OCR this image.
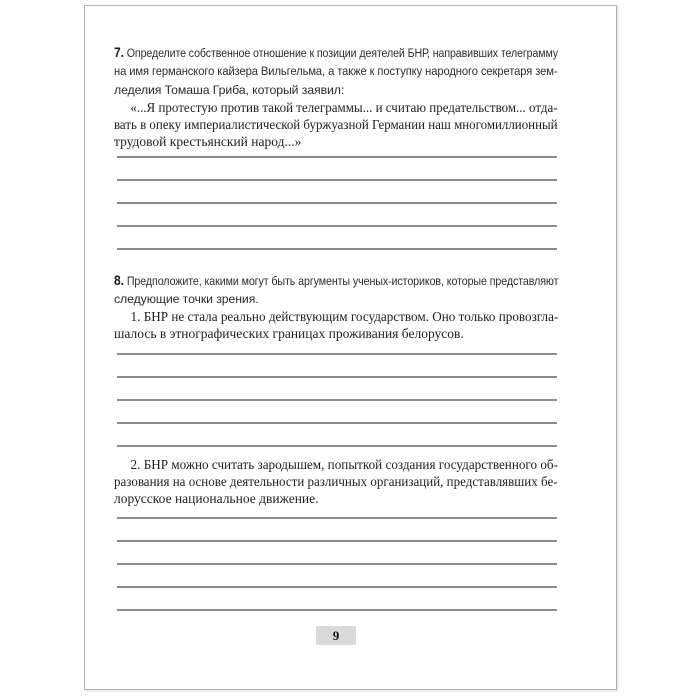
7. Определите собственное отношение к позиции деятелей БНР, направивших телеграмму
на имя германского кайзера Вильгельма, а также к поступку народного секретаря зем-
леделия Томаша Гриба, который заявил:
«...Я протестую против такой телеграммы... и считаю предательством... отда-
вать в опеку империалистической буржуазной Германии наш многомиллионный
трудовой крестьянский народ...»
8. Предположите, какими могут быть аргументы ученых-историков, которые представляют
следующие точки зрения.
1. БНР не стала реально действующим государством. Оно только провозгла-
шалось в этнографических границах проживания белорусов.
2. БНР можно считать зародышем, попыткой создания государственного об-
разования на основе деятельности различных организаций, представлявших бе-
лорусское национальное движение.
9
